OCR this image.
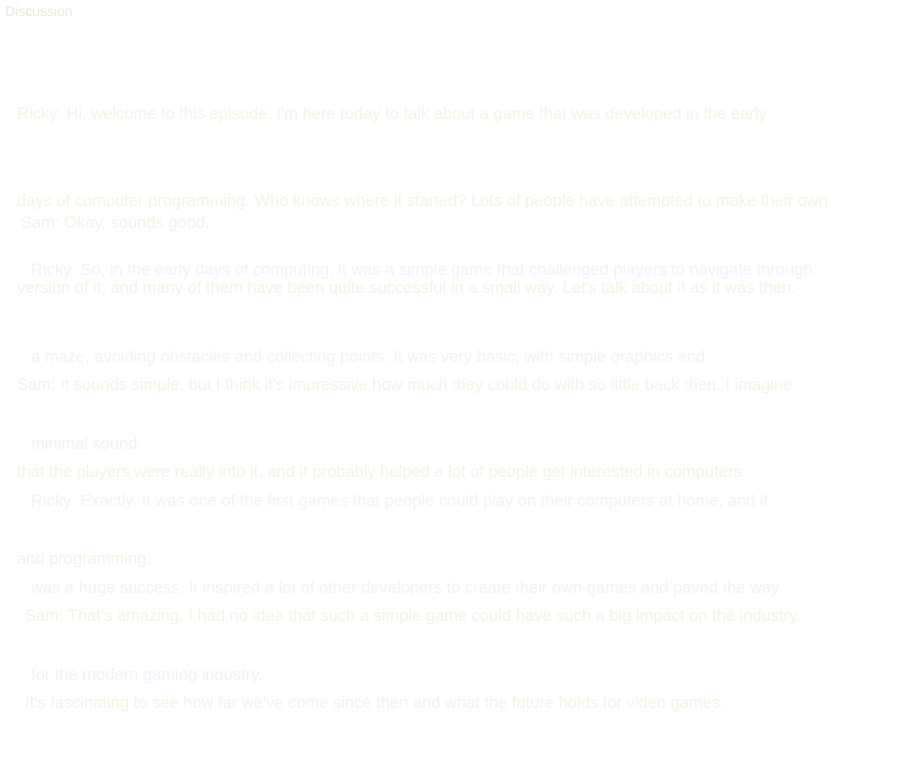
Discussion

Ricky: Hi, welcome to this episode. I'm here today to talk about a game that was developed in the early

days of computer programming. Who knows where it started? Lots of people have attempted to make their own

version of it, and many of them have been quite successful in a small way. Let's talk about it as it was then.

Sam: Okay, sounds good.

Ricky: So, in the early days of computing, it was a simple game that challenged players to navigate through

a maze, avoiding obstacles and collecting points. It was very basic, with simple graphics and

minimal sound.

Sam: It sounds simple, but I think it's impressive how much they could do with so little back then. I imagine

that the players were really into it, and it probably helped a lot of people get interested in computers

and programming.

Ricky: Exactly. It was one of the first games that people could play on their computers at home, and it

was a huge success. It inspired a lot of other developers to create their own games and paved the way

for the modern gaming industry.

Sam: That's amazing. I had no idea that such a simple game could have such a big impact on the industry.

It's fascinating to see how far we've come since then and what the future holds for video games.
